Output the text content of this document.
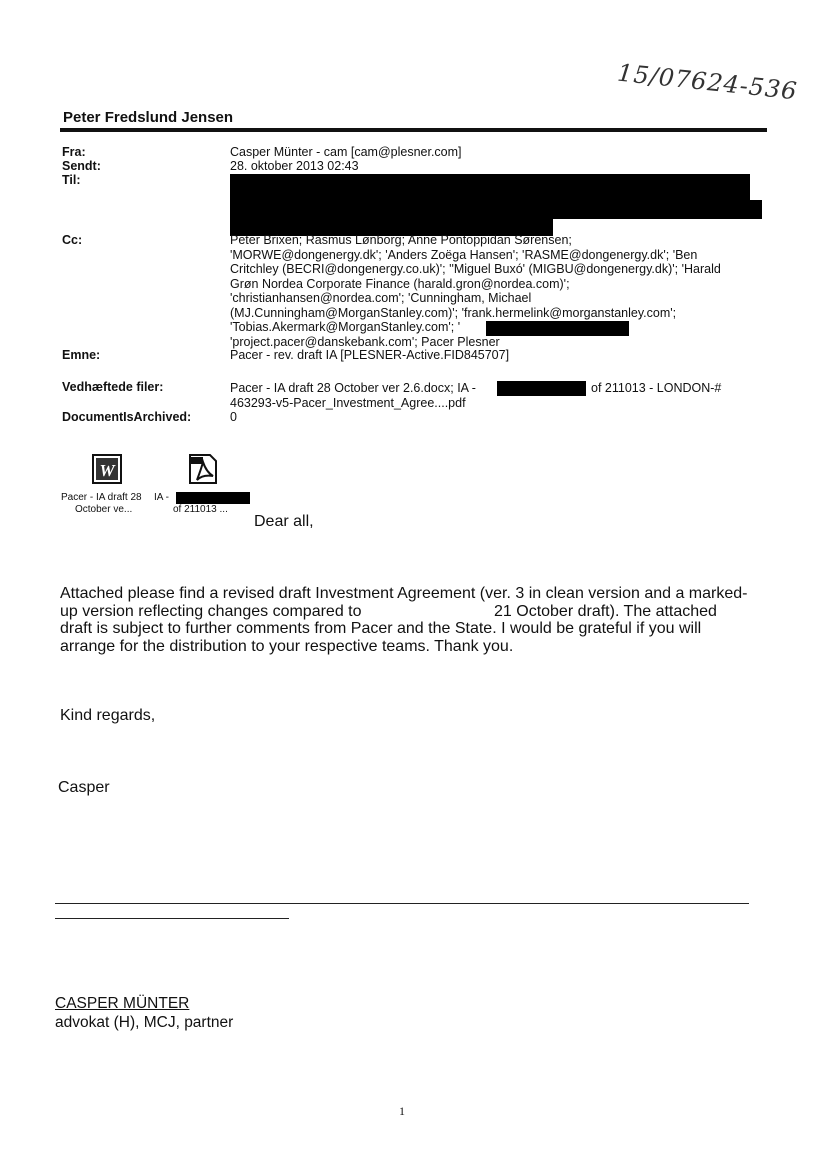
15/07624-536
Peter Fredslund Jensen
Fra:	Casper Münter - cam [cam@plesner.com]
Sendt:	28. oktober 2013 02:43
Til:
Cc:	Peter Brixen; Rasmus Lønborg; Anne Pontoppidan Sørensen;
'MORWE@dongenergy.dk'; 'Anders Zoëga Hansen'; 'RASME@dongenergy.dk'; 'Ben
Critchley (BECRI@dongenergy.co.uk)'; ''Miguel Buxó' (MIGBU@dongenergy.dk)'; 'Harald
Grøn Nordea Corporate Finance (harald.gron@nordea.com)';
'christianhansen@nordea.com'; 'Cunningham, Michael
(MJ.Cunningham@MorganStanley.com)'; 'frank.hermelink@morganstanley.com';
'Tobias.Akermark@MorganStanley.com'; '
'project.pacer@danskebank.com'; Pacer Plesner
Emne:	Pacer - rev. draft IA [PLESNER-Active.FID845707]
Vedhæftede filer:	Pacer - IA draft 28 October ver 2.6.docx; IA -	of 211013 - LONDON-#
463293-v5-Pacer_Investment_Agree....pdf
DocumentIsArchived:	0
W
Pacer - IA draft 28
October ve...
IA -
of 211013 ...
Dear all,
Attached please find a revised draft Investment Agreement (ver. 3 in clean version and a marked-
up version reflecting changes compared to	21 October draft). The attached
draft is subject to further comments from Pacer and the State. I would be grateful if you will
arrange for the distribution to your respective teams. Thank you.
Kind regards,
Casper
CASPER MÜNTER
advokat (H), MCJ, partner
1
